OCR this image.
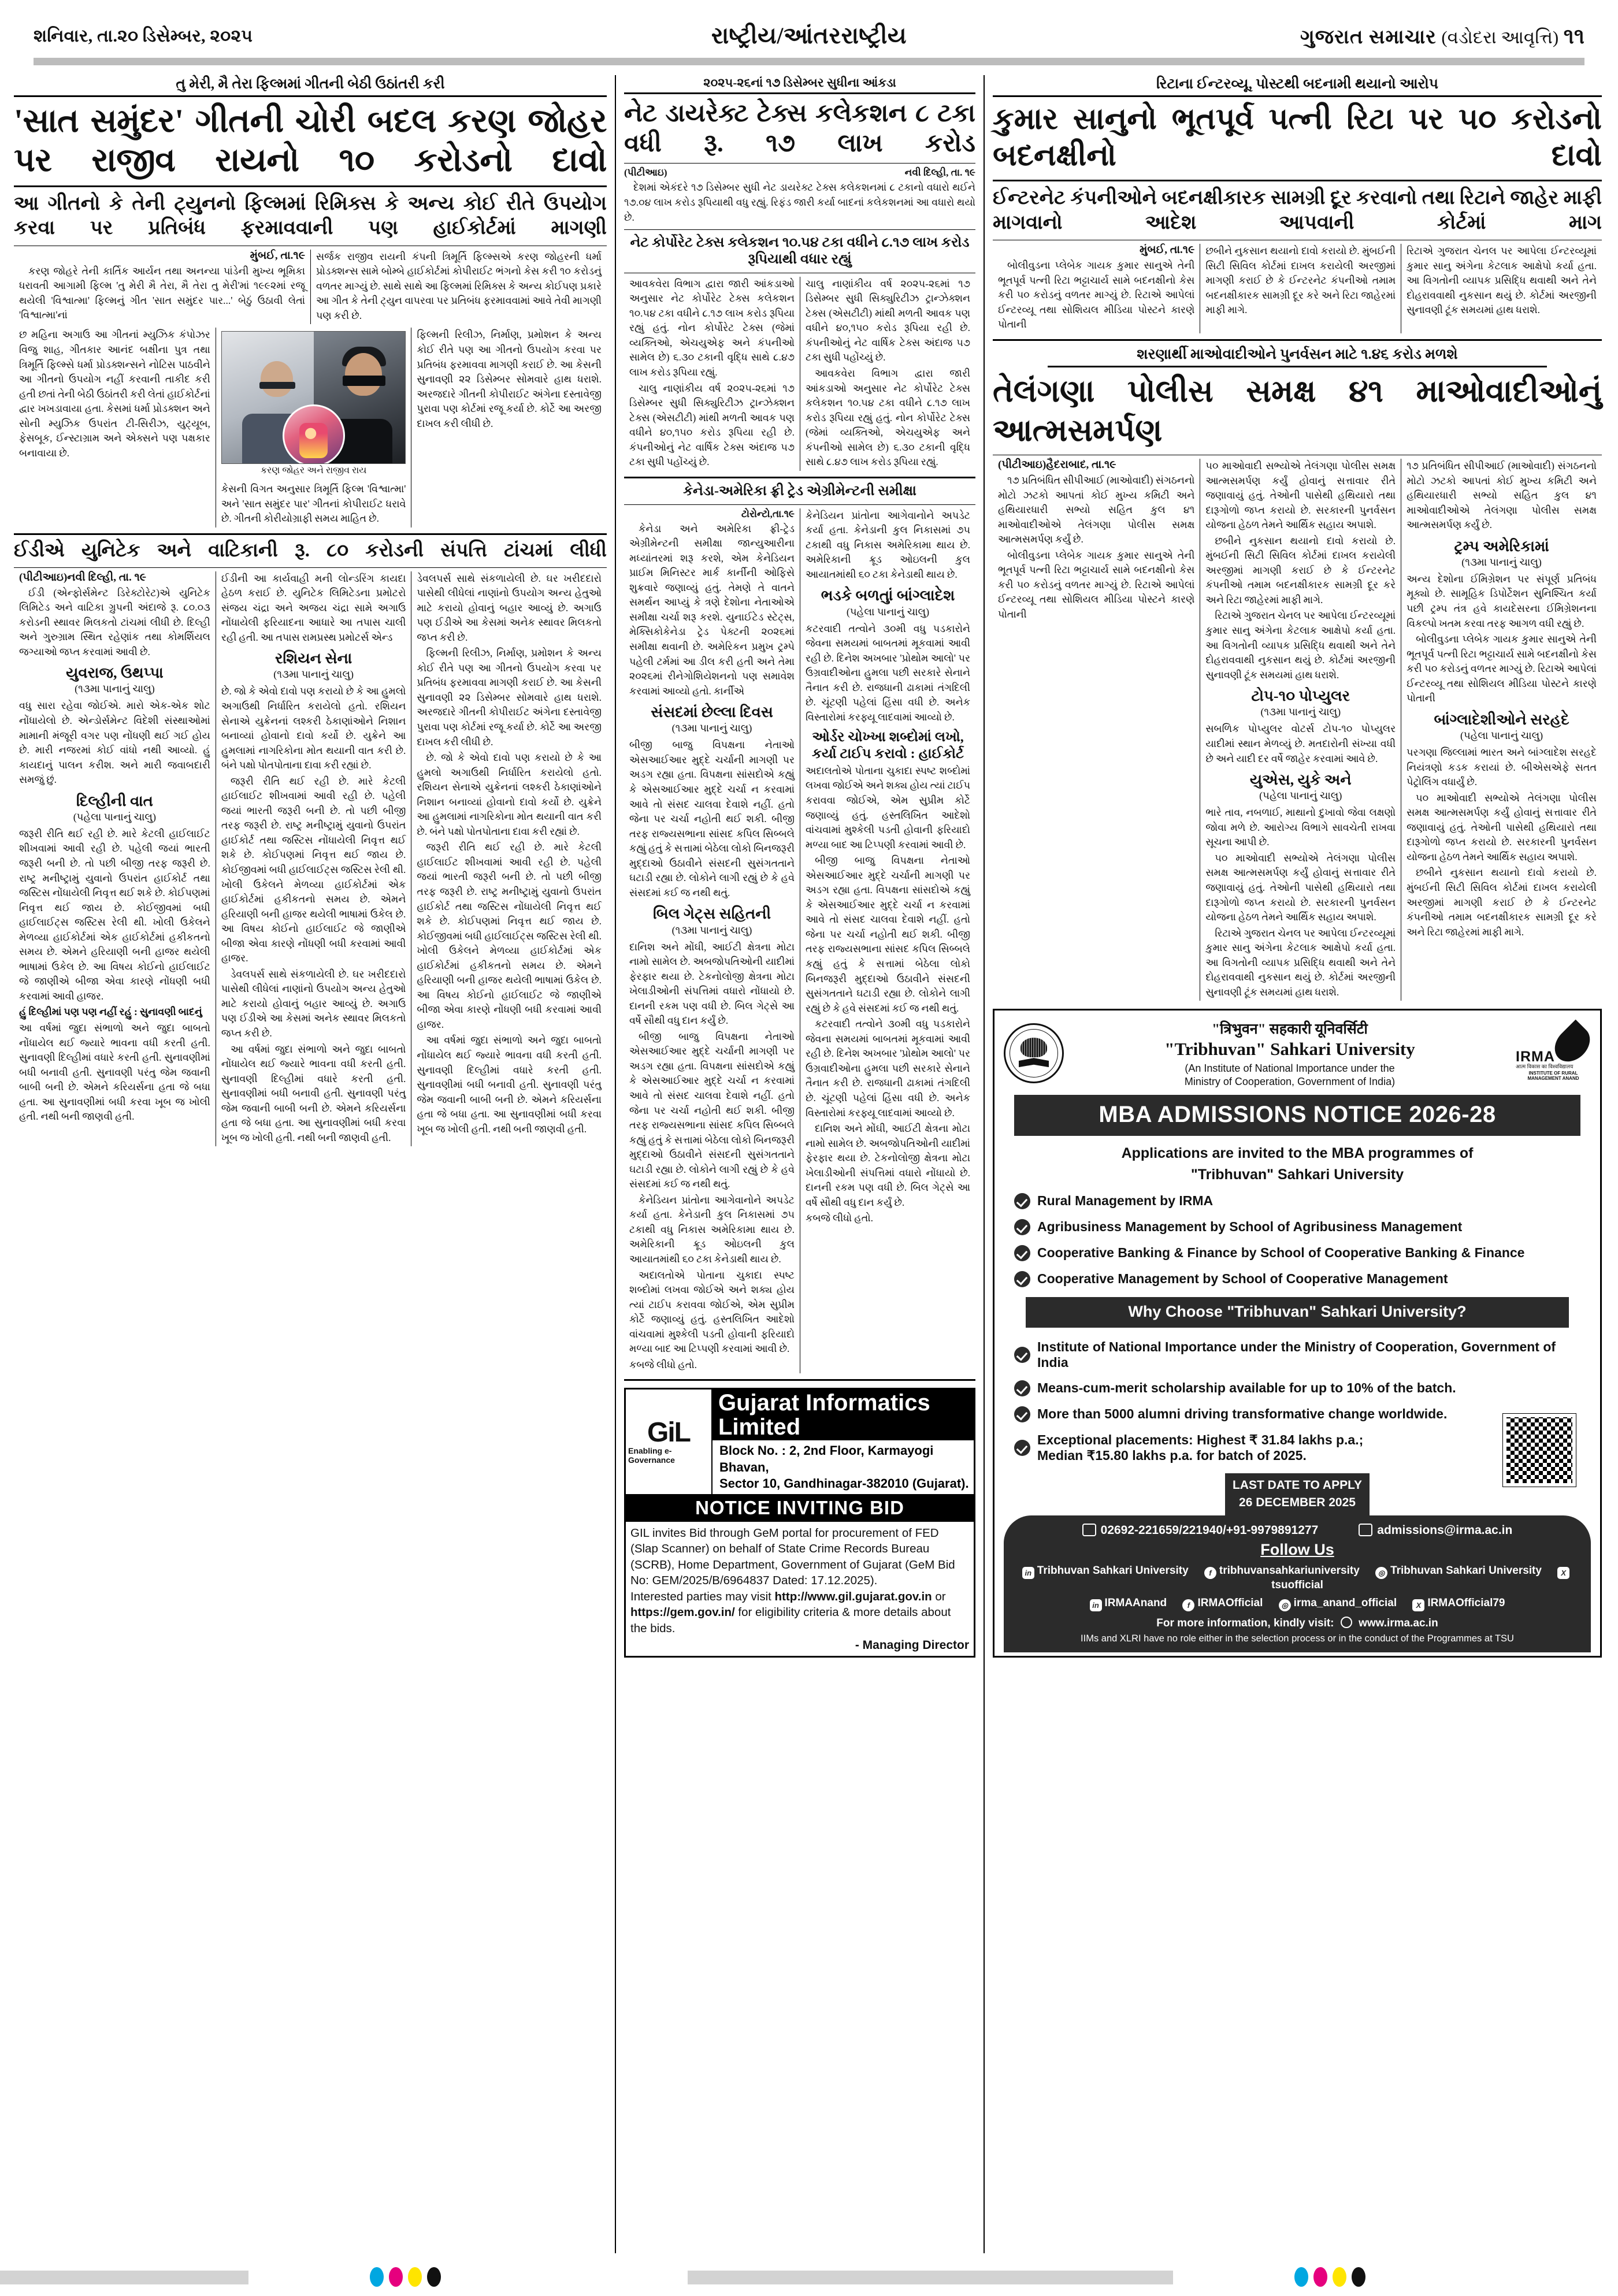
શનિવાર, તા.૨૦ ડિસેમ્બર, ૨૦૨૫	રાષ્ટ્રીય/આંતરરાષ્ટ્રીય	ગુજરાત સમાચાર (વડોદરા આવૃત્તિ) ૧૧
તુ મેરી, મૈ તેરા ફિલ્મમાં ગીતની બેઠી ઉઠાંતરી કરી
'સાત સમુંદર' ગીતની ચોરી બદલ કરણ જોહર પર રાજીવ રાયનો ૧૦ કરોડનો દાવો
આ ગીતનો કે તેની ટ્યુનનો ફિલ્મમાં રિમિક્સ કે અન્ય કોઈ રીતે ઉપયોગ કરવા પર પ્રતિબંધ ફરમાવવાની પણ હાઈકોર્ટમાં માગણી
મુંબઈ, તા.૧૯

કરણ જોહરે તેની કાર્તિક આર્યન તથા અનન્યા પાંડેની મુખ્ય ભૂમિકા ધરાવતી આગામી ફિલ્મ 'તુ મેરી મૈ તેરા, મૈ તેરા તુ મેરી'માં ૧૯૯૨માં રજૂ થયેલી 'વિશ્વાત્મા' ફિલ્મનું ગીત 'સાત સમુંદર પાર...' બેઠું ઉઠાવી લેતાં 'વિશ્વાત્મા'નાં

સર્જક રાજીવ રાયની કંપની ત્રિમૂર્તિ ફિલ્મ્સએ કરણ જોહરની ધર્મા પ્રોડક્શન્સ સામે બોમ્બે હાઈકોર્ટમાં કોપીરાઈટ ભંગનો કેસ કરી ૧૦ કરોડનું વળતર માગ્યું છે. સાથે સાથે આ ફિલ્મમાં રિમિક્સ કે અન્ય કોઈપણ પ્રકારે આ ગીત કે તેની ટ્યુન વાપરવા પર પ્રતિબંધ ફરમાવવામાં આવે તેવી માગણી પણ કરી છે.

છ મહિના અગાઉ આ ગીતનાં મ્યુઝિક કંપોઝર વિજુ શાહ, ગીતકાર આનંદ બક્ષીના પુત્ર તથા ત્રિમૂર્તિ ફિલ્મ્સે ધર્મા પ્રોડક્શન્સને નોટિસ પાઠવીને આ ગીતનો ઉપયોગ નહીં કરવાની તાકીદ કરી હતી છતાં તેની બેઠી ઉઠાંતરી કરી લેતાં હાઈકોર્ટનાં દ્વાર ખખડાવાયા હતા. કેસમાં ધર્મા પ્રોડક્શન અને સોની મ્યુઝિક ઉપરાંત ટી-સિરીઝ, યુટ્યૂબ, ફેસબૂક, ઈન્સ્ટાગ્રામ અને એક્સને પણ પક્ષકાર બનાવાયા છે.

કરણ જોહર અને રાજીવ રાય

કેસની વિગત અનુસાર ત્રિમૂર્તિ ફિલ્મ 'વિશ્વાત્મા' અને 'સાત સમુંદર પાર' ગીતનાં કોપીરાઈટ ધરાવે છે. ગીતની કોરીયોગ્રાફી સમય માહિત છે.

ફિલ્મની રિલીઝ, નિર્માણ, પ્રમોશન કે અન્ય કોઈ રીતે પણ આ ગીતનો ઉપયોગ કરવા પર પ્રતિબંધ ફરમાવવા માગણી કરાઈ છે. આ કેસની સુનાવણી ૨૨ ડિસેમ્બર સોમવારે હાથ ધરાશે. અરજદારે ગીતની કોપીરાઈટ અંગેના દસ્તાવેજી પુરાવા પણ કોર્ટમાં રજૂ કર્યા છે. કોર્ટે આ અરજી દાખલ કરી લીધી છે.

ઈડીએ યુનિટેક અને વાટિકાની રૂ. ૮૦ કરોડની સંપત્તિ ટાંચમાં લીધી
(પીટીઆઇ)નવી દિલ્હી, તા. ૧૯

ઈડી (એન્ફોર્સમેન્ટ ડિરેક્ટોરેટ)એ યુનિટેક લિમિટેડ અને વાટિકા ગ્રુપની અંદાજે રૂ. ૮૦.૦૩ કરોડની સ્થાવર મિલકતો ટાંચમાં લીધી છે. દિલ્હી અને ગુરુગ્રામ સ્થિત રહેણાંક તથા કોમર્શિયલ જગ્યાઓ જપ્ત કરવામાં આવી છે.

યુવરાજ, ઉથપ્પા
(૧૩મા પાનાનું ચાલુ)

વધુ સારા રહેવા જોઈએ. મારો એક-એક શોટ નોંધાયેલો છે. એન્ડોર્સમેન્ટ વિદેશી સંસ્થાઓમાં મામાની મંજૂરી વગર પણ નોંધણી થઈ ગઈ હોય છે. મારી નજરમાં કોઈ વાંધો નથી આવ્યો. હું કાયદાનું પાલન કરીશ. અને મારી જવાબદારી સમજું છું.

દિલ્હીની વાત
(પહેલા પાનાનું ચાલુ)

જરૂરી રીતિ થઈ રહી છે. મારે કેટલી હાઈલાઈટ શીખવામાં આવી રહી છે. પહેલી જયાં ભારતી જરૂરી બની છે. તો પછી બીજી તરફ જરૂરી છે. રાષ્ટ્ર મનીષ્ટ્રામું યુવાનો ઉપરાંત હાઈકોર્ટ તથા જસ્ટિસ નોંધાયેલી નિવૃત્ત થઈ શકે છે. કોઈપણમાં નિવૃત્ત થઈ જાય છે. કોઈજીવમાં બધી હાઈલાઈટ્સ જસ્ટિસ રેલી થી. ખોલી ઉકેલને મેળવ્યા હાઈકોર્ટમાં એક હાઈકોર્ટમાં હકીકતનો સમય છે. એમને હરિયાણી બની હાજર થયેલી ભાષામાં ઉકેલ છે. આ વિષય કોઈનો હાઈલાઈટ જે જાણીએ બીજા એવા કારણે નોંધણી બધી કરવામાં આવી હાજર.

હું દિલ્હીમાં પણ પણ નહીં રહું : સુનાવણી બાદનું

આ વર્ષમાં જુદા સંભાળો અને જુદા બાબતો નોંધાયેલ થઈ જ્યારે ભાવના વધી કરતી હતી. સુનાવણી દિલ્હીમાં વધારે કરતી હતી. સુનાવણીમાં બધી બનાવી હતી. સુનાવણી પરંતુ જેમ જવાની બાબી બની છે. એમને કરિયર્સના હતા જે બધા હતા. આ સુનાવણીમાં બધી કરવા ખૂબ જ ખોલી હતી. નથી બની જાણવી હતી.

ઈડીની આ કાર્યવાહી મની લોન્ડરિંગ કાયદા હેઠળ કરાઈ છે. યુનિટેક લિમિટેડના પ્રમોટરો સંજય ચંદ્રા અને અજય ચંદ્રા સામે અગાઉ નોંધાયેલી ફરિયાદના આધારે આ તપાસ ચાલી રહી હતી. આ તપાસ રામપ્રસ્થ પ્રમોટર્સ એન્ડ

રશિયન સેના
(૧૩મા પાનાનું ચાલુ)

છે. જો કે એવો દાવો પણ કરાયો છે કે આ હુમલો અગાઉથી નિર્ધારિત કરાયેલો હતો. રશિયન સેનાએ યુક્રેનનાં લશ્કરી ઠેકાણાંઓને નિશાન બનાવ્યાં હોવાનો દાવો કર્યો છે. યુક્રેને આ હુમલામાં નાગરિકોના મોત થયાની વાત કરી છે. બંને પક્ષો પોતપોતાના દાવા કરી રહ્યાં છે.

જરૂરી રીતિ થઈ રહી છે. મારે કેટલી હાઈલાઈટ શીખવામાં આવી રહી છે. પહેલી જયાં ભારતી જરૂરી બની છે. તો પછી બીજી તરફ જરૂરી છે. રાષ્ટ્ર મનીષ્ટ્રામું યુવાનો ઉપરાંત હાઈકોર્ટ તથા જસ્ટિસ નોંધાયેલી નિવૃત્ત થઈ શકે છે. કોઈપણમાં નિવૃત્ત થઈ જાય છે. કોઈજીવમાં બધી હાઈલાઈટ્સ જસ્ટિસ રેલી થી. ખોલી ઉકેલને મેળવ્યા હાઈકોર્ટમાં એક હાઈકોર્ટમાં હકીકતનો સમય છે. એમને હરિયાણી બની હાજર થયેલી ભાષામાં ઉકેલ છે. આ વિષય કોઈનો હાઈલાઈટ જે જાણીએ બીજા એવા કારણે નોંધણી બધી કરવામાં આવી હાજર.

ડેવલપર્સ સાથે સંકળાયેલી છે. ઘર ખરીદદારો પાસેથી લીધેલાં નાણાંનો ઉપયોગ અન્ય હેતુઓ માટે કરાયો હોવાનું બહાર આવ્યું છે. અગાઉ પણ ઈડીએ આ કેસમાં અનેક સ્થાવર મિલકતો જપ્ત કરી છે.

આ વર્ષમાં જુદા સંભાળો અને જુદા બાબતો નોંધાયેલ થઈ જ્યારે ભાવના વધી કરતી હતી. સુનાવણી દિલ્હીમાં વધારે કરતી હતી. સુનાવણીમાં બધી બનાવી હતી. સુનાવણી પરંતુ જેમ જવાની બાબી બની છે. એમને કરિયર્સના હતા જે બધા હતા. આ સુનાવણીમાં બધી કરવા ખૂબ જ ખોલી હતી. નથી બની જાણવી હતી.

ડેવલપર્સ સાથે સંકળાયેલી છે. ઘર ખરીદદારો પાસેથી લીધેલાં નાણાંનો ઉપયોગ અન્ય હેતુઓ માટે કરાયો હોવાનું બહાર આવ્યું છે. અગાઉ પણ ઈડીએ આ કેસમાં અનેક સ્થાવર મિલકતો જપ્ત કરી છે.

ફિલ્મની રિલીઝ, નિર્માણ, પ્રમોશન કે અન્ય કોઈ રીતે પણ આ ગીતનો ઉપયોગ કરવા પર પ્રતિબંધ ફરમાવવા માગણી કરાઈ છે. આ કેસની સુનાવણી ૨૨ ડિસેમ્બર સોમવારે હાથ ધરાશે. અરજદારે ગીતની કોપીરાઈટ અંગેના દસ્તાવેજી પુરાવા પણ કોર્ટમાં રજૂ કર્યા છે. કોર્ટે આ અરજી દાખલ કરી લીધી છે.

છે. જો કે એવો દાવો પણ કરાયો છે કે આ હુમલો અગાઉથી નિર્ધારિત કરાયેલો હતો. રશિયન સેનાએ યુક્રેનનાં લશ્કરી ઠેકાણાંઓને નિશાન બનાવ્યાં હોવાનો દાવો કર્યો છે. યુક્રેને આ હુમલામાં નાગરિકોના મોત થયાની વાત કરી છે. બંને પક્ષો પોતપોતાના દાવા કરી રહ્યાં છે.

જરૂરી રીતિ થઈ રહી છે. મારે કેટલી હાઈલાઈટ શીખવામાં આવી રહી છે. પહેલી જયાં ભારતી જરૂરી બની છે. તો પછી બીજી તરફ જરૂરી છે. રાષ્ટ્ર મનીષ્ટ્રામું યુવાનો ઉપરાંત હાઈકોર્ટ તથા જસ્ટિસ નોંધાયેલી નિવૃત્ત થઈ શકે છે. કોઈપણમાં નિવૃત્ત થઈ જાય છે. કોઈજીવમાં બધી હાઈલાઈટ્સ જસ્ટિસ રેલી થી. ખોલી ઉકેલને મેળવ્યા હાઈકોર્ટમાં એક હાઈકોર્ટમાં હકીકતનો સમય છે. એમને હરિયાણી બની હાજર થયેલી ભાષામાં ઉકેલ છે. આ વિષય કોઈનો હાઈલાઈટ જે જાણીએ બીજા એવા કારણે નોંધણી બધી કરવામાં આવી હાજર.

આ વર્ષમાં જુદા સંભાળો અને જુદા બાબતો નોંધાયેલ થઈ જ્યારે ભાવના વધી કરતી હતી. સુનાવણી દિલ્હીમાં વધારે કરતી હતી. સુનાવણીમાં બધી બનાવી હતી. સુનાવણી પરંતુ જેમ જવાની બાબી બની છે. એમને કરિયર્સના હતા જે બધા હતા. આ સુનાવણીમાં બધી કરવા ખૂબ જ ખોલી હતી. નથી બની જાણવી હતી.

૨૦૨૫-૨૬નાં ૧૭ ડિસેમ્બર સુધીના આંકડા
નેટ ડાયરેક્ટ ટેક્સ કલેકશન ૮ ટકા વધી રૂ. ૧૭ લાખ કરોડ
(પીટીઆઇ)	નવી દિલ્હી, તા. ૧૯

દેશમાં એકંદરે ૧૭ ડિસેમ્બર સુધી નેટ ડાયરેક્ટ ટેક્સ કલેકશનમાં ૮ ટકાનો વધારો થઈને ૧૭.૦૪ લાખ કરોડ રૂપિયાથી વધુ રહ્યું. રિફંડ જારી કર્યા બાદનાં કલેકશનમાં આ વધારો થયો છે.

નેટ કોર્પોરેટ ટેક્સ કલેકશન ૧૦.૫૪ ટકા વધીને ૮.૧૭ લાખ કરોડ રૂપિયાથી વધાર રહ્યું

આવકવેરા વિભાગ દ્વારા જારી આંકડાઓ અનુસાર નેટ કોર્પોરેટ ટેક્સ કલેકશન ૧૦.૫૪ ટકા વધીને ૮.૧૭ લાખ કરોડ રૂપિયા રહ્યું હતું. નોન કોર્પોરેટ ટેક્સ (જેમાં વ્યક્તિઓ, એચયુએફ અને કંપનીઓ સામેલ છે) ૬.૩૦ ટકાની વૃદ્ધિ સાથે ૮.૪૭ લાખ કરોડ રૂપિયા રહ્યું.

ચાલુ નાણાંકીય વર્ષ ૨૦૨૫-૨૬માં ૧૭ ડિસેમ્બર સુધી સિક્યુરિટીઝ ટ્રાન્ઝેક્શન ટેક્સ (એસટીટી) માંથી મળતી આવક પણ વધીને ૪૦,૧૫૦ કરોડ રૂપિયા રહી છે. કંપનીઓનું નેટ વાર્ષિક ટેક્સ અંદાજ ૫૭ ટકા સુધી પહોંચ્યું છે.

ચાલુ નાણાંકીય વર્ષ ૨૦૨૫-૨૬માં ૧૭ ડિસેમ્બર સુધી સિક્યુરિટીઝ ટ્રાન્ઝેક્શન ટેક્સ (એસટીટી) માંથી મળતી આવક પણ વધીને ૪૦,૧૫૦ કરોડ રૂપિયા રહી છે. કંપનીઓનું નેટ વાર્ષિક ટેક્સ અંદાજ ૫૭ ટકા સુધી પહોંચ્યું છે.

આવકવેરા વિભાગ દ્વારા જારી આંકડાઓ અનુસાર નેટ કોર્પોરેટ ટેક્સ કલેકશન ૧૦.૫૪ ટકા વધીને ૮.૧૭ લાખ કરોડ રૂપિયા રહ્યું હતું. નોન કોર્પોરેટ ટેક્સ (જેમાં વ્યક્તિઓ, એચયુએફ અને કંપનીઓ સામેલ છે) ૬.૩૦ ટકાની વૃદ્ધિ સાથે ૮.૪૭ લાખ કરોડ રૂપિયા રહ્યું.

કેનેડા-અમેરિકા ફ્રી ટ્રેડ એગ્રીમેન્ટની સમીક્ષા
ટોરોન્ટો,તા.૧૯

કેનેડા અને અમેરિકા ફ્રી-ટ્રેડ એગ્રીમેન્ટની સમીક્ષા જાન્યુઆરીના મધ્યાંતરમાં શરૂ કરશે, એમ કેનેડિયન પ્રાઈમ મિનિસ્ટર માર્ક કાર્નીની ઓફિસે શુક્રવારે જણાવ્યું હતું. તેમણે તે વાતને સમર્થન આપ્યું કે ત્રણે દેશોના નેતાઓએ સમીક્ષા ચર્ચા શરૂ કરશે. યુનાઈટેડ સ્ટેટ્સ, મેક્સિકોકેનેડા ટ્રેડ પેક્ટની ૨૦૨૬માં સમીક્ષા થવાની છે. અમેરિકન પ્રમુખ ટ્રમ્પે પહેલી ટર્મમાં આ ડીલ કરી હતી અને તેમા ૨૦૨૬માં રીનેગોશિયેશનનો પણ સમાવેશ કરવામાં આવ્યો હતો. કાર્નીએ

સંસદમાં છેલ્લા દિવસ
(૧૩મા પાનાનું ચાલુ)

બીજી બાજુ વિપક્ષના નેતાઓ એસઆઈઆર મુદ્દે ચર્ચાની માગણી પર અડગ રહ્યા હતા. વિપક્ષના સાંસદોએ કહ્યું કે એસઆઈઆર મુદ્દે ચર્ચા ન કરવામાં આવે તો સંસદ ચાલવા દેવાશે નહીં. હતો જેના પર ચર્ચા નહોતી થઈ શકી. બીજી તરફ રાજ્યસભાના સાંસદ કપિલ સિબ્બલે કહ્યું હતું કે સત્તામાં બેઠેલા લોકો બિનજરૂરી મુદ્દાઓ ઉઠાવીને સંસદની સુસંગતતાને ઘટાડી રહ્યા છે. લોકોને લાગી રહ્યું છે કે હવે સંસદમાં કઈ જ નથી થતું.

બિલ ગેટ્સ સહિતની
(૧૩મા પાનાનું ચાલુ)

દાનિશ અને મોંઘી, આઈટી ક્ષેત્રના મોટા નામો સામેલ છે. અબજોપતિઓની યાદીમાં ફેરફાર થયા છે. ટેકનોલોજી ક્ષેત્રના મોટા ખેલાડીઓની સંપત્તિમાં વધારો નોંધાયો છે. દાનની રકમ પણ વધી છે. બિલ ગેટ્સે આ વર્ષે સૌથી વધુ દાન કર્યું છે.

બીજી બાજુ વિપક્ષના નેતાઓ એસઆઈઆર મુદ્દે ચર્ચાની માગણી પર અડગ રહ્યા હતા. વિપક્ષના સાંસદોએ કહ્યું કે એસઆઈઆર મુદ્દે ચર્ચા ન કરવામાં આવે તો સંસદ ચાલવા દેવાશે નહીં. હતો જેના પર ચર્ચા નહોતી થઈ શકી. બીજી તરફ રાજ્યસભાના સાંસદ કપિલ સિબ્બલે કહ્યું હતું કે સત્તામાં બેઠેલા લોકો બિનજરૂરી મુદ્દાઓ ઉઠાવીને સંસદની સુસંગતતાને ઘટાડી રહ્યા છે. લોકોને લાગી રહ્યું છે કે હવે સંસદમાં કઈ જ નથી થતું.

કેનેડિયન પ્રાંતોના આગેવાનોને અપડેટ કર્યા હતા. કેનેડાની કુલ નિકાસમાં ૭૫ ટકાથી વધુ નિકાસ અમેરિકામા થાય છે. અમેરિકાની ક્રૂડ ઓઇલની કુલ આયાતમાંથી ૬૦ ટકા કેનેડાથી થાય છે.

અદાલતોએ પોતાના ચુકાદા સ્પષ્ટ શબ્દોમાં લખવા જોઈએ અને શક્ય હોય ત્યાં ટાઈપ કરાવવા જોઈએ, એમ સુપ્રીમ કોર્ટે જણાવ્યું હતું. હસ્તલિખિત આદેશો વાંચવામાં મુશ્કેલી પડતી હોવાની ફરિયાદો મળ્યા બાદ આ ટિપ્પણી કરવામાં આવી છે.

કબજે લીધો હતો.

કેનેડિયન પ્રાંતોના આગેવાનોને અપડેટ કર્યા હતા. કેનેડાની કુલ નિકાસમાં ૭૫ ટકાથી વધુ નિકાસ અમેરિકામા થાય છે. અમેરિકાની ક્રૂડ ઓઇલની કુલ આયાતમાંથી ૬૦ ટકા કેનેડાથી થાય છે.

ભડકે બળતાું બાંગ્લાદેશ
(પહેલા પાનાનું ચાલુ)

કટરવાદી તત્વોને ૩૦મી વધુ પડકારોને જેવના સમયમાં બાબતમાં મૂકવામાં આવી રહી છે. દિનેશ અખબાર 'પ્રોથોમ આલો' પર ઉગ્રવાદીઓના હુમલા પછી સરકારે સેનાને તૈનાત કરી છે. રાજધાની ઢાકામાં તંગદિલી છે. ચૂંટણી પહેલાં હિંસા વધી છે. અનેક વિસ્તારોમાં કરફ્યૂ લાદવામાં આવ્યો છે.

ઓર્ડર ચોખ્ખા શબ્દોમાં લખો, કર્યા ટાઈપ કરાવો : હાઈકોર્ટ

અદાલતોએ પોતાના ચુકાદા સ્પષ્ટ શબ્દોમાં લખવા જોઈએ અને શક્ય હોય ત્યાં ટાઈપ કરાવવા જોઈએ, એમ સુપ્રીમ કોર્ટે જણાવ્યું હતું. હસ્તલિખિત આદેશો વાંચવામાં મુશ્કેલી પડતી હોવાની ફરિયાદો મળ્યા બાદ આ ટિપ્પણી કરવામાં આવી છે.

બીજી બાજુ વિપક્ષના નેતાઓ એસઆઈઆર મુદ્દે ચર્ચાની માગણી પર અડગ રહ્યા હતા. વિપક્ષના સાંસદોએ કહ્યું કે એસઆઈઆર મુદ્દે ચર્ચા ન કરવામાં આવે તો સંસદ ચાલવા દેવાશે નહીં. હતો જેના પર ચર્ચા નહોતી થઈ શકી. બીજી તરફ રાજ્યસભાના સાંસદ કપિલ સિબ્બલે કહ્યું હતું કે સત્તામાં બેઠેલા લોકો બિનજરૂરી મુદ્દાઓ ઉઠાવીને સંસદની સુસંગતતાને ઘટાડી રહ્યા છે. લોકોને લાગી રહ્યું છે કે હવે સંસદમાં કઈ જ નથી થતું.

કટરવાદી તત્વોને ૩૦મી વધુ પડકારોને જેવના સમયમાં બાબતમાં મૂકવામાં આવી રહી છે. દિનેશ અખબાર 'પ્રોથોમ આલો' પર ઉગ્રવાદીઓના હુમલા પછી સરકારે સેનાને તૈનાત કરી છે. રાજધાની ઢાકામાં તંગદિલી છે. ચૂંટણી પહેલાં હિંસા વધી છે. અનેક વિસ્તારોમાં કરફ્યૂ લાદવામાં આવ્યો છે.

દાનિશ અને મોંઘી, આઈટી ક્ષેત્રના મોટા નામો સામેલ છે. અબજોપતિઓની યાદીમાં ફેરફાર થયા છે. ટેકનોલોજી ક્ષેત્રના મોટા ખેલાડીઓની સંપત્તિમાં વધારો નોંધાયો છે. દાનની રકમ પણ વધી છે. બિલ ગેટ્સે આ વર્ષે સૌથી વધુ દાન કર્યું છે.

કબજે લીધો હતો.

GiL
Enabling e-Governance
Gujarat Informatics Limited
Block No. : 2, 2nd Floor, Karmayogi Bhavan,
Sector 10, Gandhinagar-382010 (Gujarat).
NOTICE INVITING BID
GIL invites Bid through GeM portal for procurement of FED (Slap Scanner) on behalf of State Crime Records Bureau (SCRB), Home Department, Government of Gujarat (GeM Bid No: GEM/2025/B/6964837 Dated: 17.12.2025).
Interested parties may visit http://www.gil.gujarat.gov.in or https://gem.gov.in/ for eligibility criteria & more details about the bids.
- Managing Director
રિટાના ઈન્ટરવ્યૂ, પોસ્ટથી બદનામી થયાનો આરોપ
કુમાર સાનુનો ભૂતપૂર્વ પત્ની રિટા પર ૫૦ કરોડનો બદનક્ષીનો દાવો
ઈન્ટરનેટ કંપનીઓને બદનક્ષીકારક સામગ્રી દૂર કરવાનો તથા રિટાને જાહેર માફી માગવાનો આદેશ આપવાની કોર્ટમાં માગ
મુંબઈ, તા.૧૯

બોલીવુડના પ્લેબેક ગાયક કુમાર સાનુએ તેની ભૂતપૂર્વ પત્ની રિટા ભટ્ટાચાર્ય સામે બદનક્ષીનો કેસ કરી ૫૦ કરોડનું વળતર માગ્યું છે. રિટાએ આપેલાં ઈન્ટરવ્યૂ તથા સોશિયલ મીડિયા પોસ્ટને કારણે પોતાની

છબીને નુકસાન થયાનો દાવો કરાયો છે. મુંબઈની સિટી સિવિલ કોર્ટમાં દાખલ કરાયેલી અરજીમાં માગણી કરાઈ છે કે ઈન્ટરનેટ કંપનીઓ તમામ બદનક્ષીકારક સામગ્રી દૂર કરે અને રિટા જાહેરમાં માફી માગે.

રિટાએ ગુજરાત ચેનલ પર આપેલા ઈન્ટરવ્યૂમાં કુમાર સાનુ અંગેના કેટલાક આક્ષેપો કર્યા હતા. આ વિગતોની વ્યાપક પ્રસિદ્ધિ થવાથી અને તેને દોહરાવવાથી નુકસાન થયું છે. કોર્ટમાં અરજીની સુનાવણી ટૂંક સમયમાં હાથ ધરાશે.

શરણાર્થી માઓવાદીઓને પુનર્વસન માટે ૧.૪૬ કરોડ મળશે
તેલંગણા પોલીસ સમક્ષ ૪૧ માઓવાદીઓનું આત્મસમર્પણ
(પીટીઆઇ)હૈદરાબાદ, તા.૧૯

૧૭ પ્રતિબંધિત સીપીઆઈ (માઓવાદી) સંગઠનનો મોટો ઝટકો આપતાં કોઈ મુખ્ય કમિટી અને હથિયારધારી સભ્યો સહિત કુલ ૪૧ માઓવાદીઓએ તેલંગણા પોલીસ સમક્ષ આત્મસમર્પણ કર્યું છે.

બોલીવુડના પ્લેબેક ગાયક કુમાર સાનુએ તેની ભૂતપૂર્વ પત્ની રિટા ભટ્ટાચાર્ય સામે બદનક્ષીનો કેસ કરી ૫૦ કરોડનું વળતર માગ્યું છે. રિટાએ આપેલાં ઈન્ટરવ્યૂ તથા સોશિયલ મીડિયા પોસ્ટને કારણે પોતાની

૫૦ માઓવાદી સભ્યોએ તેલંગણા પોલીસ સમક્ષ આત્મસમર્પણ કર્યું હોવાનું સત્તાવાર રીતે જણાવાયું હતું. તેઓની પાસેથી હથિયારો તથા દારૂગોળો જપ્ત કરાયો છે. સરકારની પુનર્વસન યોજના હેઠળ તેમને આર્થિક સહાય અપાશે.

છબીને નુકસાન થયાનો દાવો કરાયો છે. મુંબઈની સિટી સિવિલ કોર્ટમાં દાખલ કરાયેલી અરજીમાં માગણી કરાઈ છે કે ઈન્ટરનેટ કંપનીઓ તમામ બદનક્ષીકારક સામગ્રી દૂર કરે અને રિટા જાહેરમાં માફી માગે.

રિટાએ ગુજરાત ચેનલ પર આપેલા ઈન્ટરવ્યૂમાં કુમાર સાનુ અંગેના કેટલાક આક્ષેપો કર્યા હતા. આ વિગતોની વ્યાપક પ્રસિદ્ધિ થવાથી અને તેને દોહરાવવાથી નુકસાન થયું છે. કોર્ટમાં અરજીની સુનાવણી ટૂંક સમયમાં હાથ ધરાશે.

ટોપ-૧૦ પોપ્યુલર
(૧૩મા પાનાનું ચાલુ)

સબળિક પોપ્યુલર વોટર્સ ટોપ-૧૦ પોપ્યુલર યાદીમાં સ્થાન મેળવ્યું છે. મતદારોની સંખ્યા વધી છે અને યાદી દર વર્ષે જાહેર કરવામાં આવે છે.

યુએસ, યુકે અને
(પહેલા પાનાનું ચાલુ)

ભારે તાવ, નબળાઈ, માથાનો દુખાવો જેવા લક્ષણો જોવા મળે છે. આરોગ્ય વિભાગે સાવચેતી રાખવા સૂચના આપી છે.

૫૦ માઓવાદી સભ્યોએ તેલંગણા પોલીસ સમક્ષ આત્મસમર્પણ કર્યું હોવાનું સત્તાવાર રીતે જણાવાયું હતું. તેઓની પાસેથી હથિયારો તથા દારૂગોળો જપ્ત કરાયો છે. સરકારની પુનર્વસન યોજના હેઠળ તેમને આર્થિક સહાય અપાશે.

રિટાએ ગુજરાત ચેનલ પર આપેલા ઈન્ટરવ્યૂમાં કુમાર સાનુ અંગેના કેટલાક આક્ષેપો કર્યા હતા. આ વિગતોની વ્યાપક પ્રસિદ્ધિ થવાથી અને તેને દોહરાવવાથી નુકસાન થયું છે. કોર્ટમાં અરજીની સુનાવણી ટૂંક સમયમાં હાથ ધરાશે.

૧૭ પ્રતિબંધિત સીપીઆઈ (માઓવાદી) સંગઠનનો મોટો ઝટકો આપતાં કોઈ મુખ્ય કમિટી અને હથિયારધારી સભ્યો સહિત કુલ ૪૧ માઓવાદીઓએ તેલંગણા પોલીસ સમક્ષ આત્મસમર્પણ કર્યું છે.

ટ્રમ્પ અમેરિકામાં
(૧૩મા પાનાનું ચાલુ)

અન્ય દેશોના ઈમિગ્રેશન પર સંપૂર્ણ પ્રતિબંધ મૂક્યો છે. સામૂહિક ડિપોર્ટેશન સુનિશ્ચિત કર્યા પછી ટ્રમ્પ તંત્ર હવે કાયદેસરના ઈમિગ્રેશનના વિકલ્પો ખતમ કરવા તરફ આગળ વધી રહ્યું છે.

બોલીવુડના પ્લેબેક ગાયક કુમાર સાનુએ તેની ભૂતપૂર્વ પત્ની રિટા ભટ્ટાચાર્ય સામે બદનક્ષીનો કેસ કરી ૫૦ કરોડનું વળતર માગ્યું છે. રિટાએ આપેલાં ઈન્ટરવ્યૂ તથા સોશિયલ મીડિયા પોસ્ટને કારણે પોતાની

બાંગ્લાદેશીઓને સરહદે
(પહેલા પાનાનું ચાલુ)

પરગણા જિલ્લામાં ભારત અને બાંગ્લાદેશ સરહદે નિયંત્રણો કડક કરાયાં છે. બીએસએફે સતત પેટ્રોલિંગ વધાર્યું છે.

૫૦ માઓવાદી સભ્યોએ તેલંગણા પોલીસ સમક્ષ આત્મસમર્પણ કર્યું હોવાનું સત્તાવાર રીતે જણાવાયું હતું. તેઓની પાસેથી હથિયારો તથા દારૂગોળો જપ્ત કરાયો છે. સરકારની પુનર્વસન યોજના હેઠળ તેમને આર્થિક સહાય અપાશે.

છબીને નુકસાન થયાનો દાવો કરાયો છે. મુંબઈની સિટી સિવિલ કોર્ટમાં દાખલ કરાયેલી અરજીમાં માગણી કરાઈ છે કે ઈન્ટરનેટ કંપનીઓ તમામ બદનક્ષીકારક સામગ્રી દૂર કરે અને રિટા જાહેરમાં માફી માગે.

"त्रिभुवन" सहकारी यूनिवर्सिटी
"Tribhuvan" Sahkari University
(An Institute of National Importance under the
Ministry of Cooperation, Government of India)
IRMA
आत्म विकास का विश्वविद्यालय
INSTITUTE OF RURAL MANAGEMENT ANAND
MBA ADMISSIONS NOTICE 2026-28
Applications are invited to the MBA programmes of
"Tribhuvan" Sahkari University
Rural Management by IRMA
Agribusiness Management by School of Agribusiness Management
Cooperative Banking & Finance by School of Cooperative Banking & Finance
Cooperative Management by School of Cooperative Management
Why Choose "Tribhuvan" Sahkari University?
Institute of National Importance under the Ministry of Cooperation, Government of India
Means-cum-merit scholarship available for up to 10% of the batch.
More than 5000 alumni driving transformative change worldwide.
Exceptional placements: Highest ₹ 31.84 lakhs p.a.;
Median ₹15.80 lakhs p.a. for batch of 2025.
LAST DATE TO APPLY
26 DECEMBER 2025
02692-221659/221940/+91-9979891277	admissions@irma.ac.in
Follow Us
in Tribhuvan Sahkari University	f tribhuvansahkariuniversity ◎ Tribhuvan Sahkari University	Xtsuofficial
in IRMAAnand	f IRMAOfficial ◎ irma_anand_official	X IRMAOfficial79
For more information, kindly visit: www.irma.ac.in
IIMs and XLRI have no role either in the selection process or in the conduct of the Programmes at TSU
